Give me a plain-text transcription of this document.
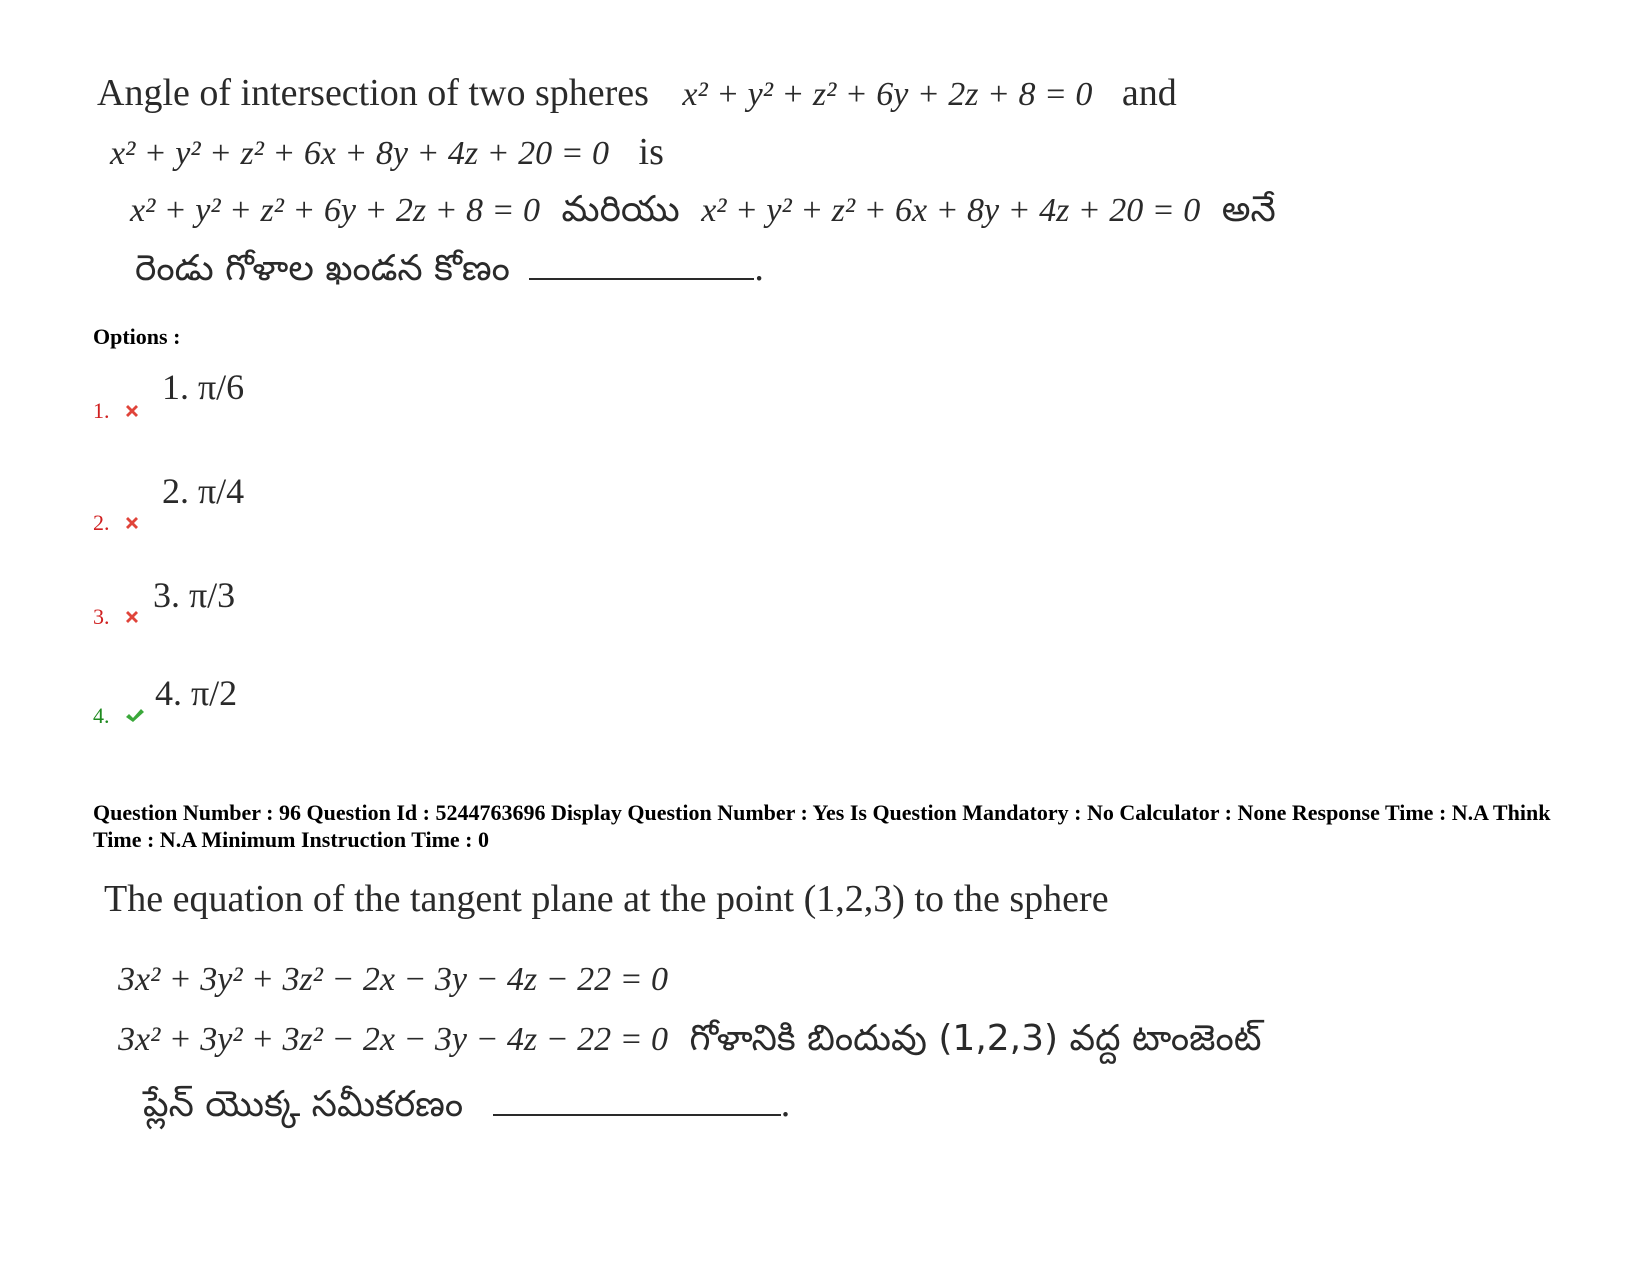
Angle of intersection of two spheres x² + y² + z² + 6y + 2z + 8 = 0 and
x² + y² + z² + 6x + 8y + 4z + 20 = 0 is
x² + y² + z² + 6y + 2z + 8 = 0 మరియు x² + y² + z² + 6x + 8y + 4z + 20 = 0 అనే
రెండు గోళాల ఖండన కోణం	.
Options :
1.
1. π/6
2.
2. π/4
3.
3. π/3
4.
4. π/2
Question Number : 96 Question Id : 5244763696 Display Question Number : Yes Is Question Mandatory : No Calculator : None Response Time : N.A Think Time : N.A Minimum Instruction Time : 0
The equation of the tangent plane at the point (1,2,3) to the sphere
3x² + 3y² + 3z² − 2x − 3y − 4z − 22 = 0
3x² + 3y² + 3z² − 2x − 3y − 4z − 22 = 0 గోళానికి బిందువు (1,2,3) వద్ద టాంజెంట్
ప్లేన్ యొక్క సమీకరణం	.
